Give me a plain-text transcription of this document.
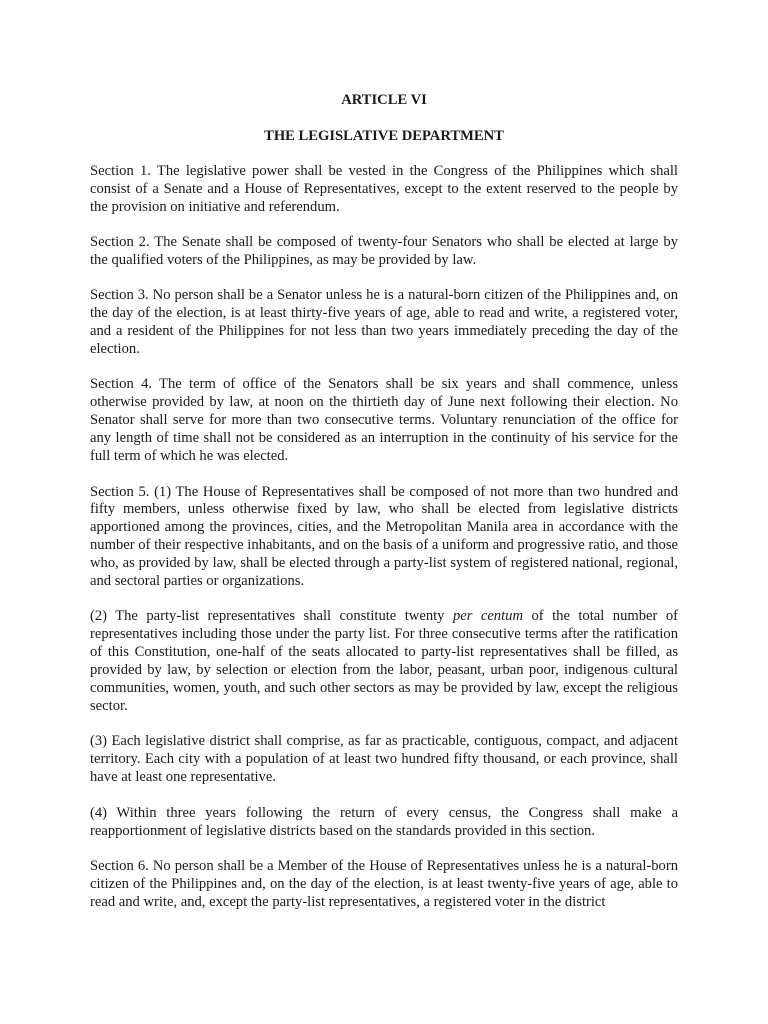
ARTICLE VI
THE LEGISLATIVE DEPARTMENT

Section 1. The legislative power shall be vested in the Congress of the Philippines which shall consist of a Senate and a House of Representatives, except to the extent reserved to the people by the provision on initiative and referendum.

Section 2. The Senate shall be composed of twenty-four Senators who shall be elected at large by the qualified voters of the Philippines, as may be provided by law.

Section 3. No person shall be a Senator unless he is a natural-born citizen of the Philippines and, on the day of the election, is at least thirty-five years of age, able to read and write, a registered voter, and a resident of the Philippines for not less than two years immediately preceding the day of the election.

Section 4. The term of office of the Senators shall be six years and shall commence, unless otherwise provided by law, at noon on the thirtieth day of June next following their election. No Senator shall serve for more than two consecutive terms. Voluntary renunciation of the office for any length of time shall not be considered as an interruption in the continuity of his service for the full term of which he was elected.

Section 5. (1) The House of Representatives shall be composed of not more than two hundred and fifty members, unless otherwise fixed by law, who shall be elected from legislative districts apportioned among the provinces, cities, and the Metropolitan Manila area in accordance with the number of their respective inhabitants, and on the basis of a uniform and progressive ratio, and those who, as provided by law, shall be elected through a party-list system of registered national, regional, and sectoral parties or organizations.

(2) The party-list representatives shall constitute twenty per centum of the total number of representatives including those under the party list. For three consecutive terms after the ratification of this Constitution, one-half of the seats allocated to party-list representatives shall be filled, as provided by law, by selection or election from the labor, peasant, urban poor, indigenous cultural communities, women, youth, and such other sectors as may be provided by law, except the religious sector.

(3) Each legislative district shall comprise, as far as practicable, contiguous, compact, and adjacent territory. Each city with a population of at least two hundred fifty thousand, or each province, shall have at least one representative.

(4) Within three years following the return of every census, the Congress shall make a reapportionment of legislative districts based on the standards provided in this section.

Section 6. No person shall be a Member of the House of Representatives unless he is a natural-born citizen of the Philippines and, on the day of the election, is at least twenty-five years of age, able to read and write, and, except the party-list representatives, a registered voter in the district
